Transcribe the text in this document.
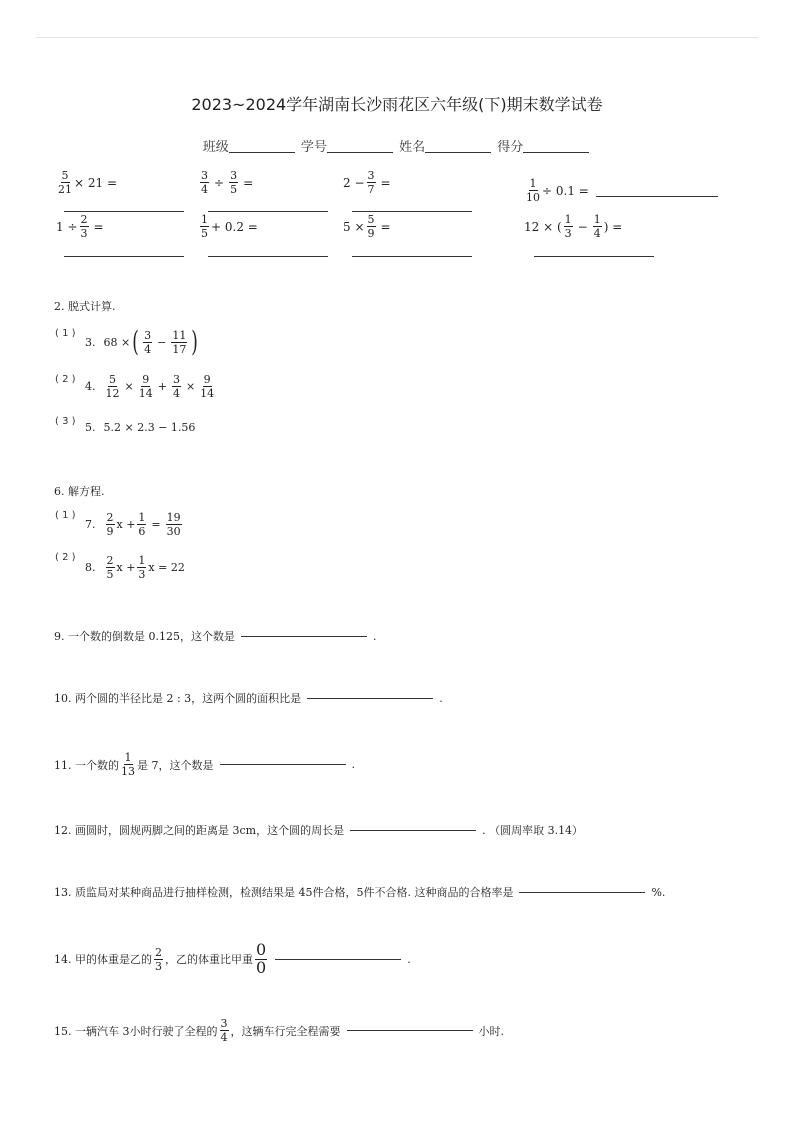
2023~2024学年湖南长沙雨花区六年级(下)期末数学试卷
班级	学号	姓名	得分
$\frac{5}{21} \times 21$ =	$\frac{3}{4} \div \frac{3}{5}$ =	$2 - \frac{3}{7}$ =	$\frac{1}{10} \div 0.1$ =
$1 \div \frac{2}{3}$ =	$\frac{1}{5} + 0.2$ =	$5 \times \frac{5}{9}$ =	12 × ( $\frac{1}{3} - \frac{1}{4}$ ) =
2. 脱式计算.
( 1 )
3. 68 × ( $\frac{3}{4} - \frac{11}{17}$ )
( 2 )
4. $\frac{5}{12} \times \frac{9}{14} + \frac{3}{4} \times \frac{9}{14}$
( 3 ) 5. 5.2 × 2.3 − 1.56
6. 解方程.
( 1 )
7. $\frac{2}{9}$ $x + \frac{1}{6} = \frac{19}{30}$
( 2 )
8. $\frac{2}{5}$ $x + \frac{1}{3}$ x = 22
9. 一个数的倒数是 0.125，这个数是	.
10. 两个圆的半径比是 2 : 3，这两个圆的面积比是	.
11. 一个数的 $\frac{1}{13}$ 是 7，这个数是	.
12. 画圆时，圆规两脚之间的距离是 3cm，这个圆的周长是	. （圆周率取 3.14）
13. 质监局对某种商品进行抽样检测，检测结果是 45件合格，5件不合格. 这种商品的合格率是	%.
14. 甲的体重是乙的 $\frac{2}{3}$ ，乙的体重比甲重
0
0	.
15. 一辆汽车 3小时行驶了全程的 $\frac{3}{4}$ ，这辆车行完全程需要	小时.
